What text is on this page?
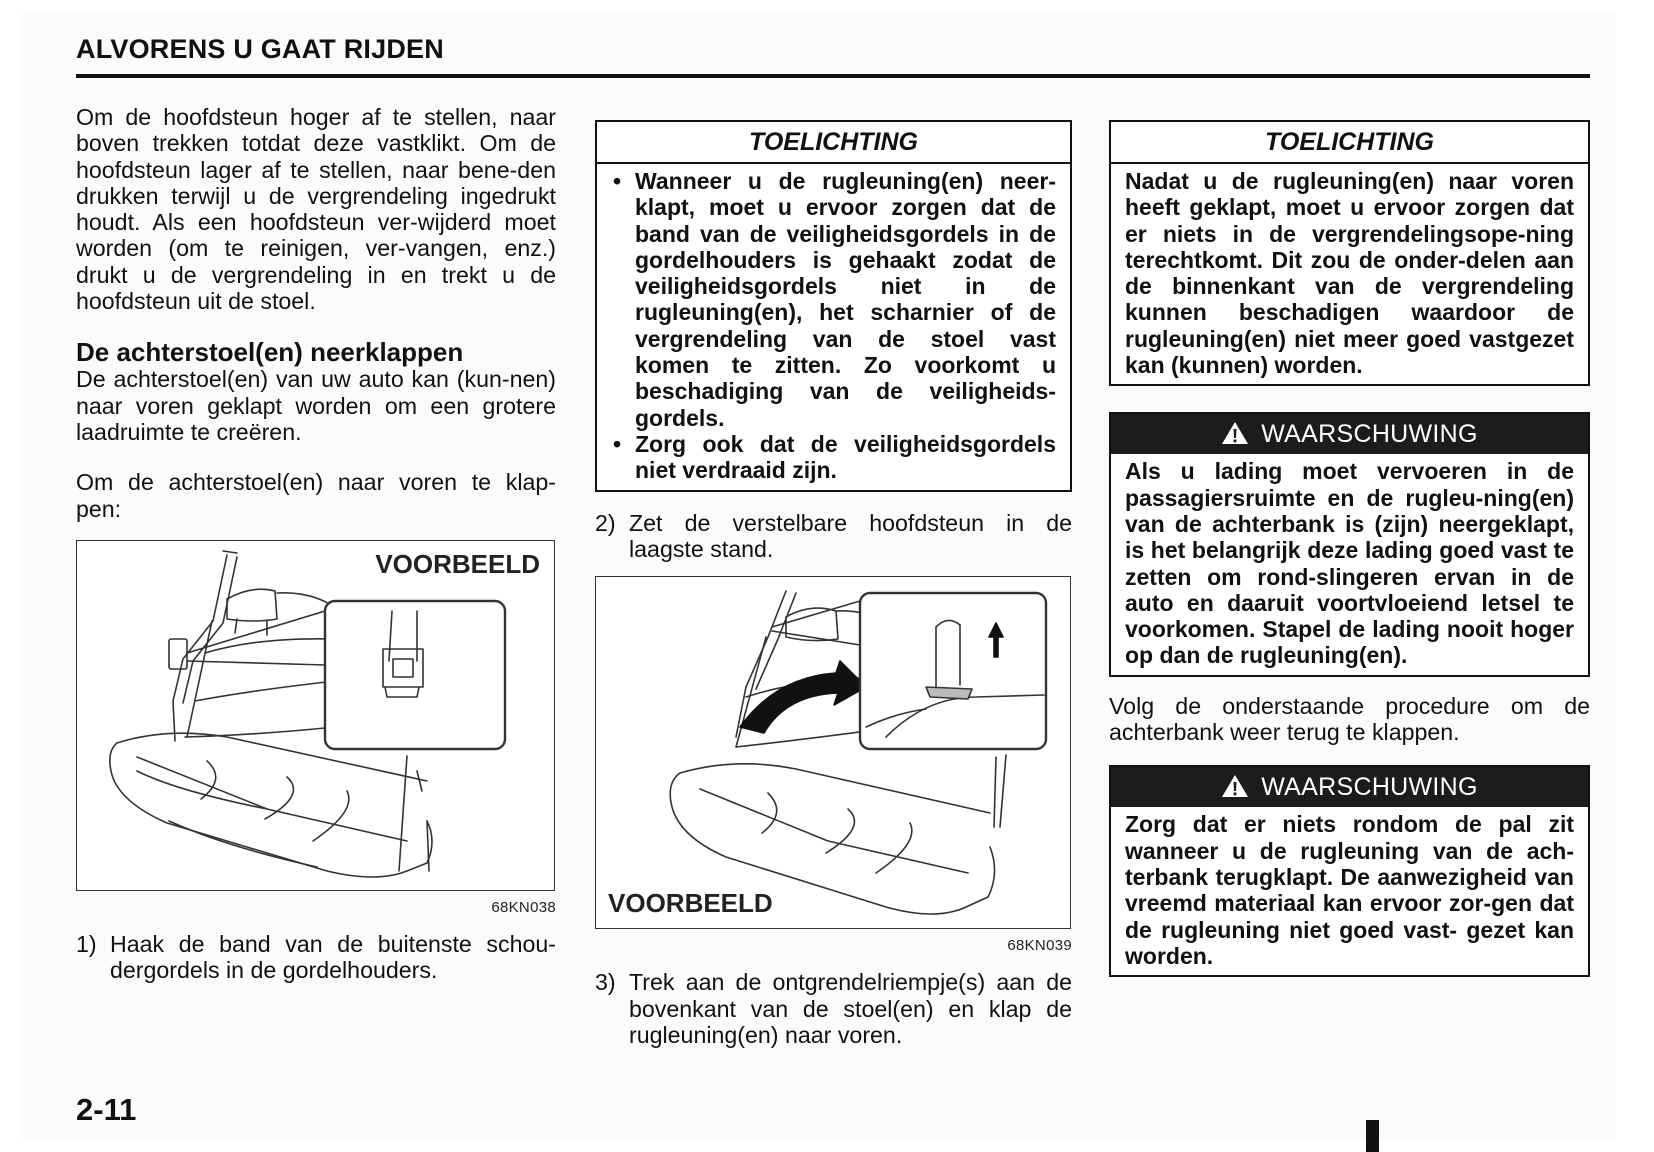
ALVORENS U GAAT RIJDEN

Om de hoofdsteun hoger af te stellen, naar boven trekken totdat deze vastklikt. Om de hoofdsteun lager af te stellen, naar bene-den drukken terwijl u de vergrendeling ingedrukt houdt. Als een hoofdsteun ver-wijderd moet worden (om te reinigen, ver-vangen, enz.) drukt u de vergrendeling in en trekt u de hoofdsteun uit de stoel.

De achterstoel(en) neerklappen

De achterstoel(en) van uw auto kan (kun-nen) naar voren geklapt worden om een grotere laadruimte te creëren.

Om de achterstoel(en) naar voren te klap- pen:

VOORBEELD
68KN038
1) Haak de band van de buitenste schou- dergordels in de gordelhouders.
TOELICHTING
• Wanneer u de rugleuning(en) neer-klapt, moet u ervoor zorgen dat de band van de veiligheidsgordels in de gordelhouders is gehaakt zodat de veiligheidsgordels niet in de rugleuning(en), het scharnier of de vergrendeling van de stoel vast komen te zitten. Zo voorkomt u beschadiging van de veiligheids-gordels.
• Zorg ook dat de veiligheidsgordels niet verdraaid zijn.
2) Zet de verstelbare hoofdsteun in de laagste stand.
VOORBEELD
68KN039
3) Trek aan de ontgrendelriempje(s) aan de bovenkant van de stoel(en) en klap de rugleuning(en) naar voren.
TOELICHTING
Nadat u de rugleuning(en) naar voren heeft geklapt, moet u ervoor zorgen dat er niets in de vergrendelingsope-ning terechtkomt. Dit zou de onder-delen aan de binnenkant van de vergrendeling kunnen beschadigen waardoor de rugleuning(en) niet meer goed vastgezet kan (kunnen) worden.
WAARSCHUWING
Als u lading moet vervoeren in de passagiersruimte en de rugleu-ning(en) van de achterbank is (zijn) neergeklapt, is het belangrijk deze lading goed vast te zetten om rond-slingeren ervan in de auto en daaruit voortvloeiend letsel te voorkomen. Stapel de lading nooit hoger op dan de rugleuning(en).

Volg de onderstaande procedure om de achterbank weer terug te klappen.

WAARSCHUWING
Zorg dat er niets rondom de pal zit wanneer u de rugleuning van de ach-terbank terugklapt. De aanwezigheid van vreemd materiaal kan ervoor zor-gen dat de rugleuning niet goed vast- gezet kan worden.
2-11
